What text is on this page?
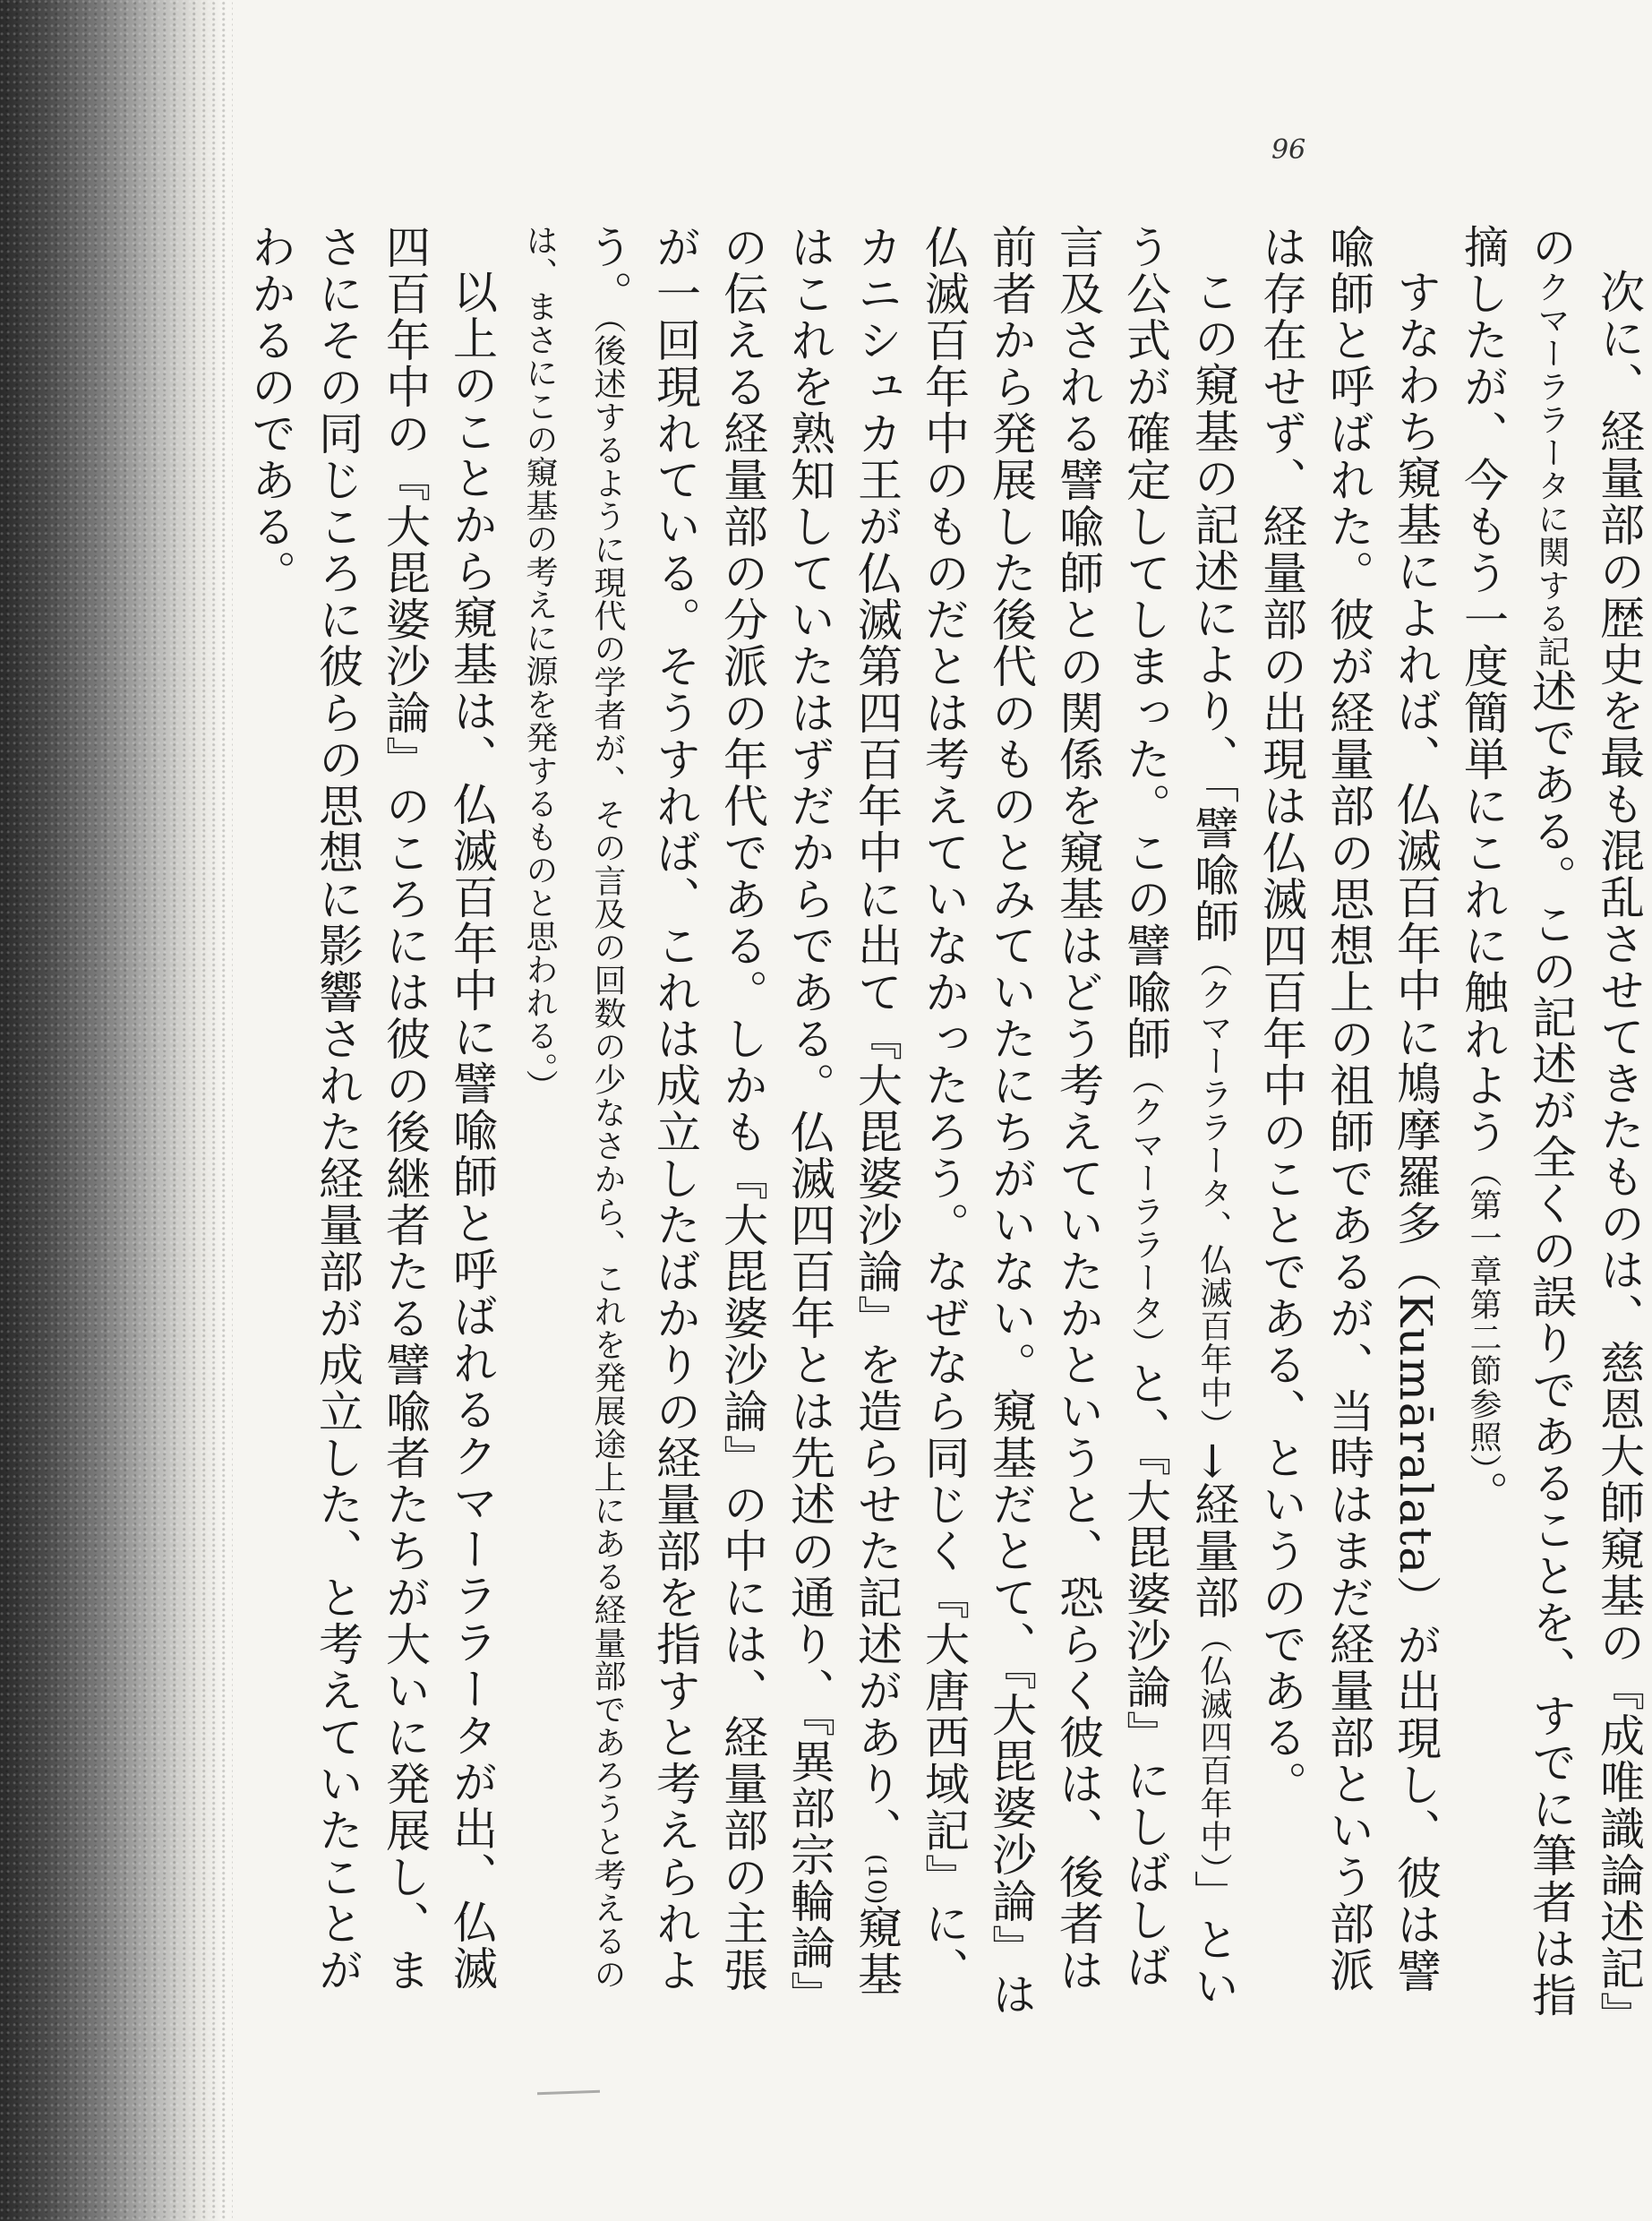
96

次に、経量部の歴史を最も混乱させてきたものは、慈恩大師窺基の『成唯識論述記』のクマーララータに関する記述である。この記述が全くの誤りであることを、すでに筆者は指摘したが、今もう一度簡単にこれに触れよう（第一章第二節参照）。

すなわち窺基によれば、仏滅百年中に鳩摩羅多（Kumāralata）が出現し、彼は譬喩師と呼ばれた。彼が経量部の思想上の祖師であるが、当時はまだ経量部という部派は存在せず、経量部の出現は仏滅四百年中のことである、というのである。

この窺基の記述により、「譬喩師（クマーララータ、仏滅百年中）→経量部（仏滅四百年中）」という公式が確定してしまった。この譬喩師（クマーララータ）と、『大毘婆沙論』にしばしば言及される譬喩師との関係を窺基はどう考えていたかというと、恐らく彼は、後者は前者から発展した後代のものとみていたにちがいない。窺基だとて、『大毘婆沙論』は仏滅百年中のものだとは考えていなかったろう。なぜなら同じく『大唐西域記』に、カニシュカ王が仏滅第四百年中に出て『大毘婆沙論』を造らせた記述があり、(10)窺基はこれを熟知していたはずだからである。仏滅四百年とは先述の通り、『異部宗輪論』の伝える経量部の分派の年代である。しかも『大毘婆沙論』の中には、経量部の主張が一回現れている。そうすれば、これは成立したばかりの経量部を指すと考えられよう。（後述するように現代の学者が、その言及の回数の少なさから、これを発展途上にある経量部であろうと考えるのは、まさにこの窺基の考えに源を発するものと思われる。）

以上のことから窺基は、仏滅百年中に譬喩師と呼ばれるクマーララータが出、仏滅四百年中の『大毘婆沙論』のころには彼の後継者たる譬喩者たちが大いに発展し、まさにその同じころに彼らの思想に影響された経量部が成立した、と考えていたことがわかるのである。
